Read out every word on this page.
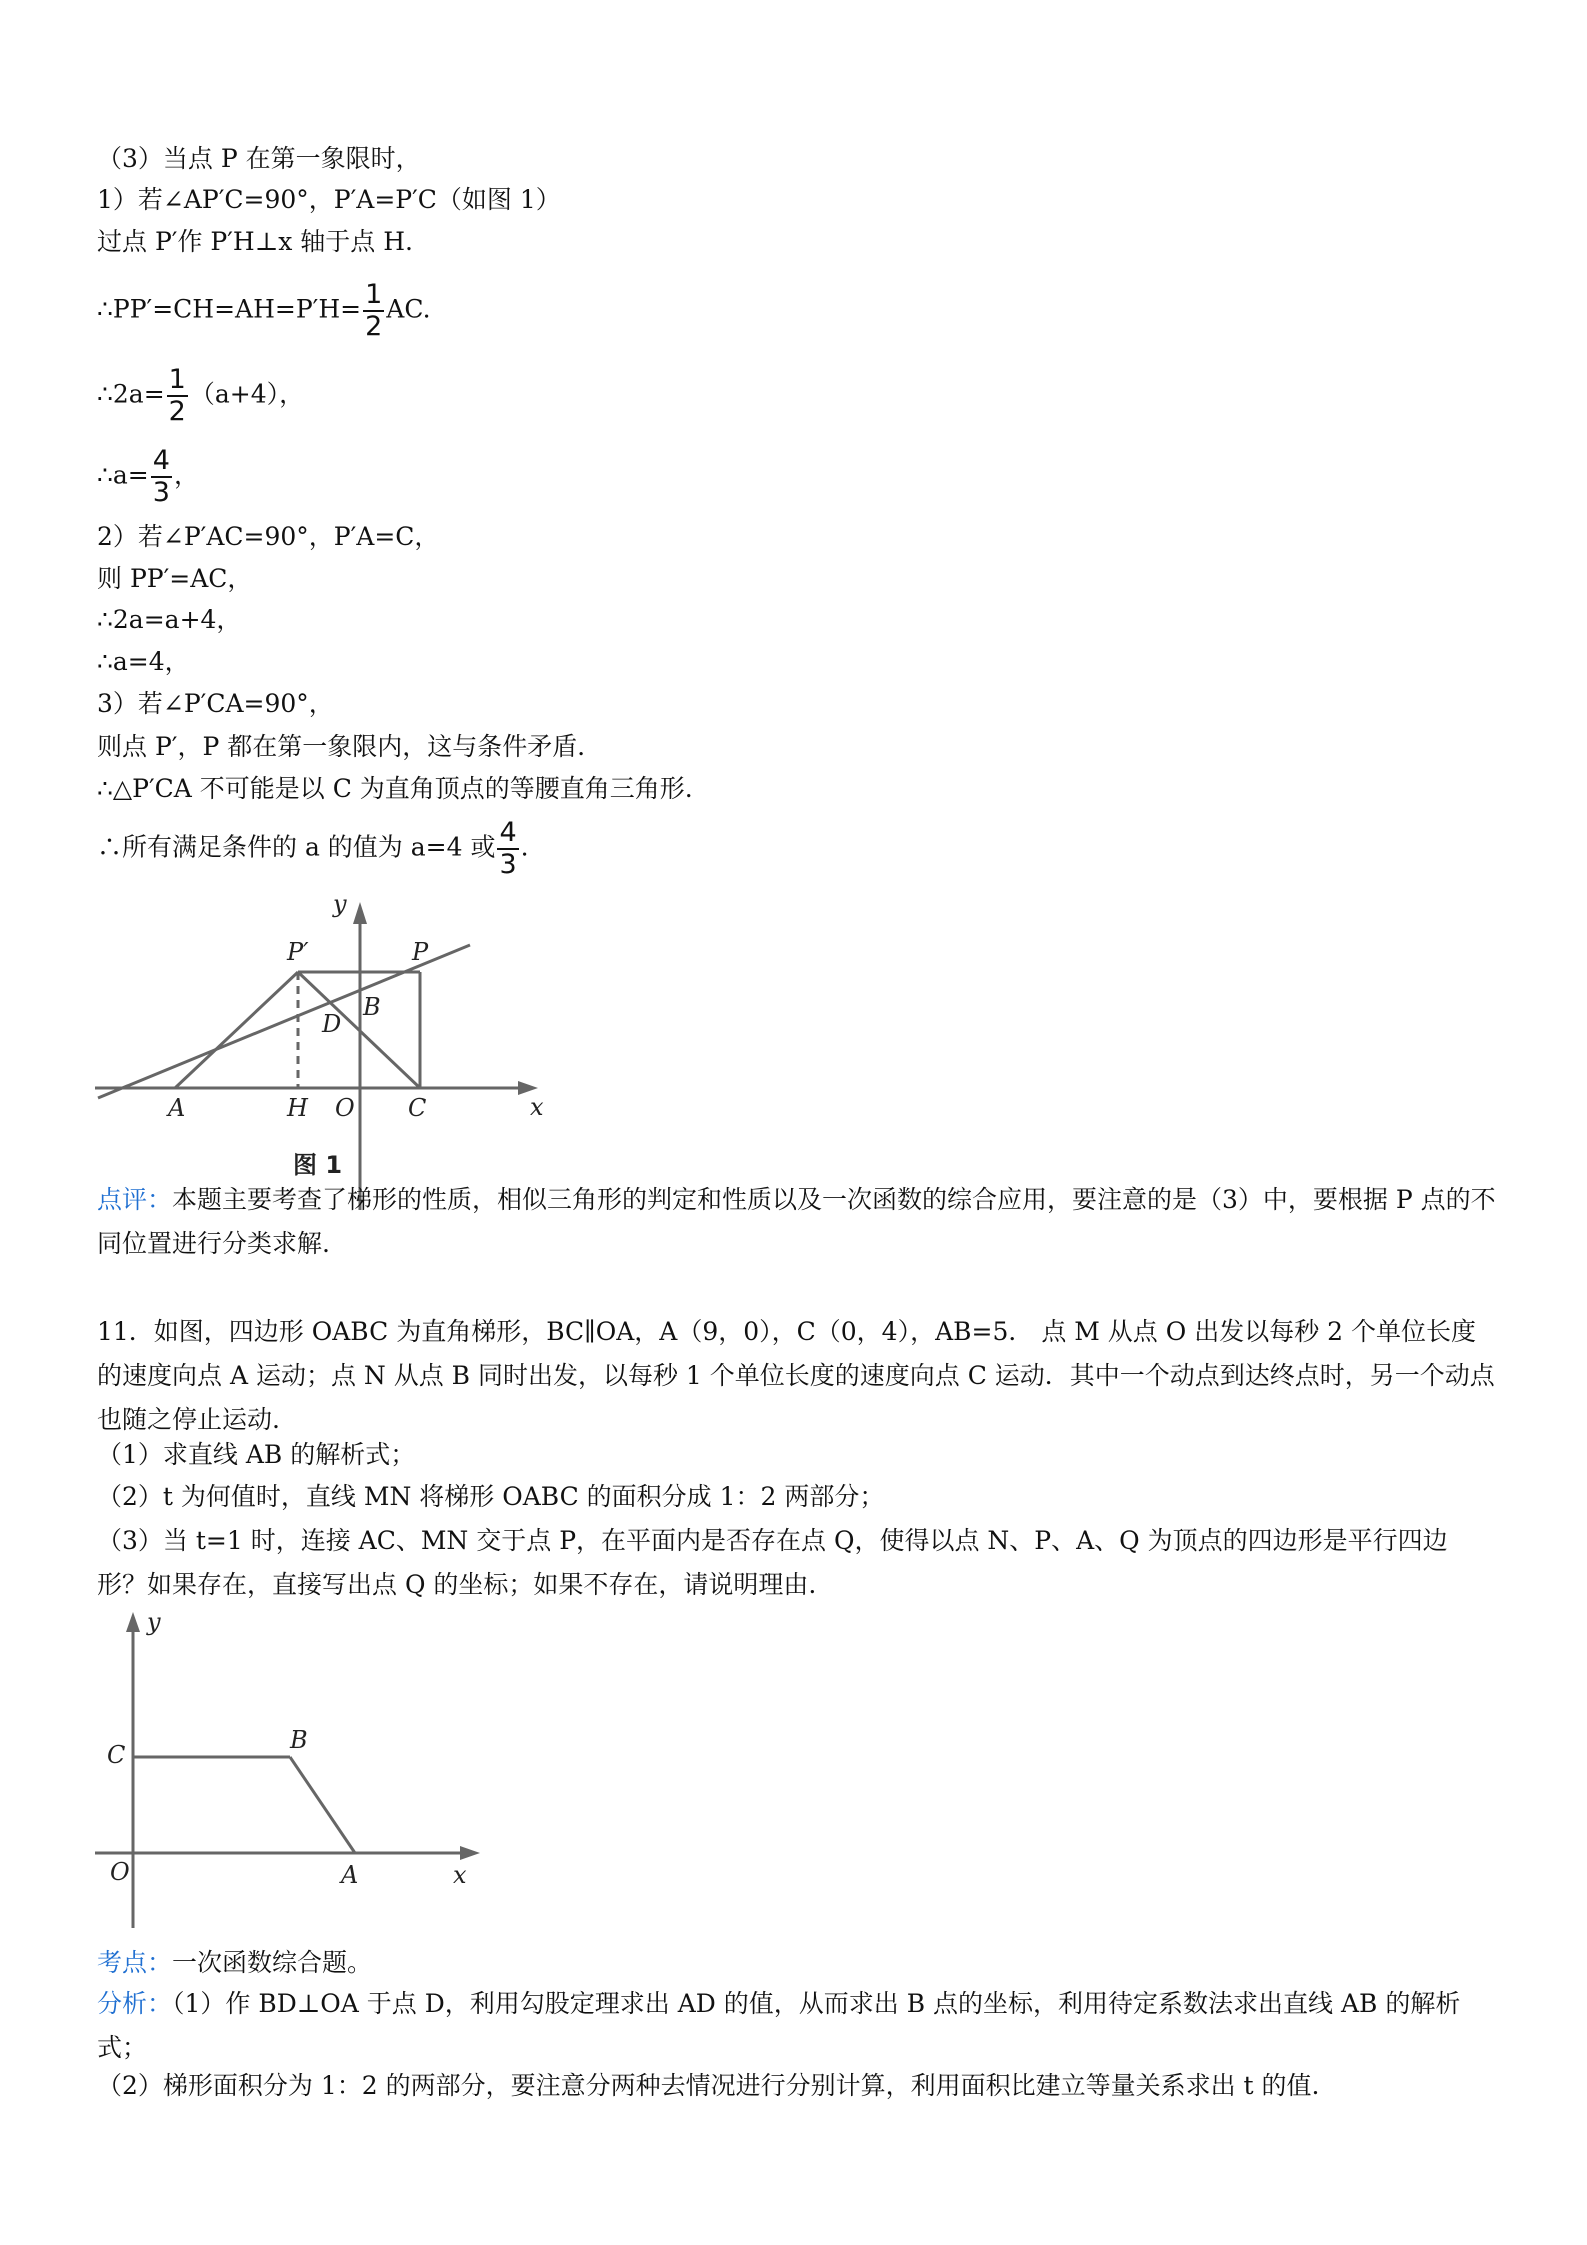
（3）当点 P 在第一象限时，
1）若∠AP′C=90°，P′A=P′C（如图 1）
过点 P′作 P′H⊥x 轴于点 H.
∴PP′=CH=AH=P′H= $\frac{1}{2}$ AC.
∴2a= $\frac{1}{2} (a+4)$，
∴a= $\frac{4}{3}$ ，
2）若∠P′AC=90°，P′A=C，
则 PP′=AC，
∴2a=a+4，
∴a=4，
3）若∠P′CA=90°，
则点 P′，P 都在第一象限内，这与条件矛盾．
∴△P′CA 不可能是以 C 为直角顶点的等腰直角三角形.
∴所有满足条件的 a 的值为 a=4 或 $\frac{4}{3}$ .
y
x
P′	P
B
D
A	H O C
图 1
点评：本题主要考查了梯形的性质，相似三角形的判定和性质以及一次函数的综合应用，要注意的是（3）中，要根据 P 点的不同位置进行分类求解.
11．如图，四边形 OABC 为直角梯形，BC∥OA，A（9，0），C（0，4），AB=5． 点 M 从点 O 出发以每秒 2 个单位长度的速度向点 A 运动；点 N 从点 B 同时出发，以每秒 1 个单位长度的速度向点 C 运动．其中一个动点到达终点时，另一个动点也随之停止运动.
（1）求直线 AB 的解析式；
（2）t 为何值时，直线 MN 将梯形 OABC 的面积分成 1：2 两部分；
（3）当 t=1 时，连接 AC、MN 交于点 P，在平面内是否存在点 Q，使得以点 N、P、A、Q 为顶点的四边形是平行四边形？如果存在，直接写出点 Q 的坐标；如果不存在，请说明理由.
y
C
B
O	A	x
考点：一次函数综合题。
分析：（1）作 BD⊥OA 于点 D，利用勾股定理求出 AD 的值，从而求出 B 点的坐标，利用待定系数法求出直线 AB 的解析式；
（2）梯形面积分为 1：2 的两部分，要注意分两种去情况进行分别计算，利用面积比建立等量关系求出 t 的值.
